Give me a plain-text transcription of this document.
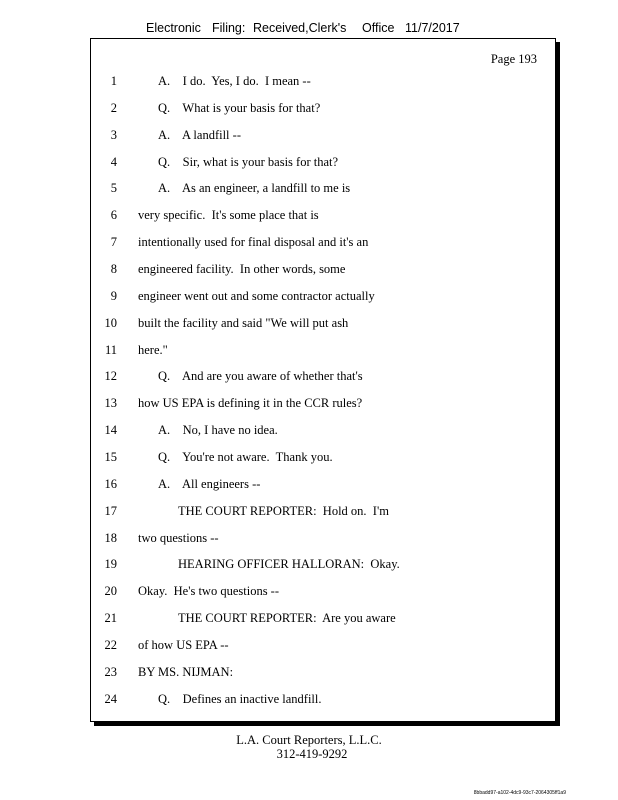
Electronic Filing: Received,Clerk's Office 11/7/2017
Page 193
1	A.    I do.  Yes, I do.  I mean --
2	Q.    What is your basis for that?
3	A.    A landfill --
4	Q.    Sir, what is your basis for that?
5	A.    As an engineer, a landfill to me is
6 very specific.  It's some place that is
7 intentionally used for final disposal and it's an
8 engineered facility.  In other words, some
9 engineer went out and some contractor actually
10 built the facility and said "We will put ash
11 here."
12	Q.    And are you aware of whether that's
13 how US EPA is defining it in the CCR rules?
14	A.    No, I have no idea.
15	Q.    You're not aware.  Thank you.
16	A.    All engineers --
17	THE COURT REPORTER:  Hold on.  I'm
18 two questions --
19	HEARING OFFICER HALLORAN:  Okay.
20 Okay.  He's two questions --
21	THE COURT REPORTER:  Are you aware
22 of how US EPA --
23 BY MS. NIJMAN:
24	Q.    Defines an inactive landfill.
L.A. Court Reporters, L.L.C.
312-419-9292
8bbadd97-a102-4dc9-93c7-2064305ff1a9
